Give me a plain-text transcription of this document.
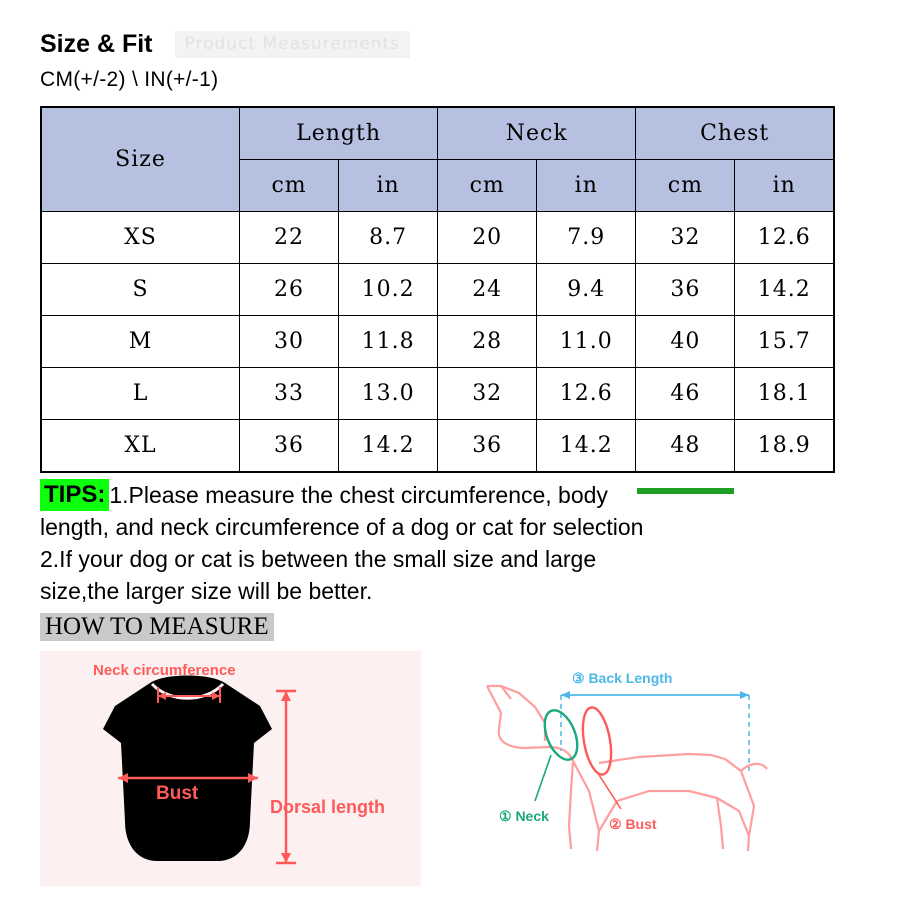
Size & Fit	Product Measurements
CM(+/-2) \ IN(+/-1)
Size	Length		Neck		Chest	
	cm	in	cm	in	cm	in
XS	22	8.7	20	7.9	32	12.6
S	26	10.2	24	9.4	36	14.2
M	30	11.8	28	11.0	40	15.7
L	33	13.0	32	12.6	46	18.1
XL	36	14.2	36	14.2	48	18.9
TIPS: 1.Please measure the chest circumference, body
length, and neck circumference of a dog or cat for selection
2.If your dog or cat is between the small size and large
size,the larger size will be better.
HOW TO MEASURE
Neck circumference
Bust
Dorsal length
③ Back Length
① Neck	② Bust
